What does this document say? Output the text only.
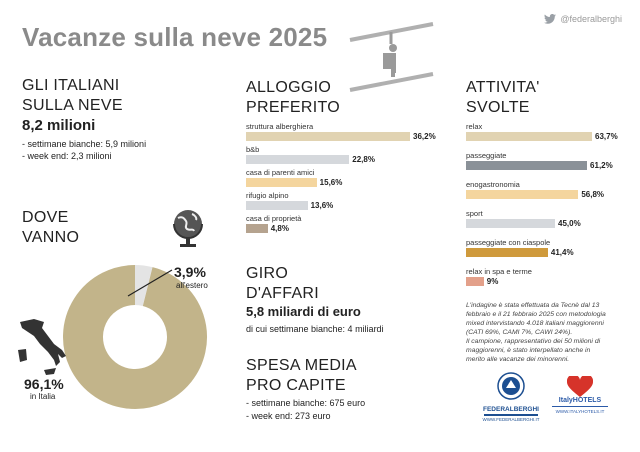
Vacanze sulla neve 2025
@federalberghi
GLI ITALIANI
SULLA NEVE
8,2 milioni
- settimane bianche: 5,9 milioni
- week end: 2,3 milioni
DOVE
VANNO
3,9%
all'estero
96,1%
in Italia
ALLOGGIO
PREFERITO
struttura alberghiera
36,2%
b&b
22,8%
casa di parenti amici
15,6%
rifugio alpino
13,6%
casa di proprietà
4,8%
ATTIVITA'
SVOLTE
relax
63,7%
passeggiate
61,2%
enogastronomia
56,8%
sport
45,0%
passeggiate con ciaspole
41,4%
relax in spa e terme
9%
GIRO
D'AFFARI
5,8 miliardi di euro
di cui settimane bianche: 4 miliardi
SPESA MEDIA
PRO CAPITE
- settimane bianche: 675 euro
- week end: 273 euro
L'indagine è stata effettuata da Tecnè dal 13
febbraio e il 21 febbraio 2025 con metodologia
mixed intervistando 4.018 italiani maggiorenni
(CATI 69%, CAMI 7%, CAWI 24%).
Il campione, rappresentativo dei 50 milioni di
maggiorenni, è stato interpellato anche in
merito alle vacanze dei minorenni.
FEDERALBERGHI
WWW.FEDERALBERGHI.IT
ItalyHOTELS
WWW.ITALYHOTELS.IT
